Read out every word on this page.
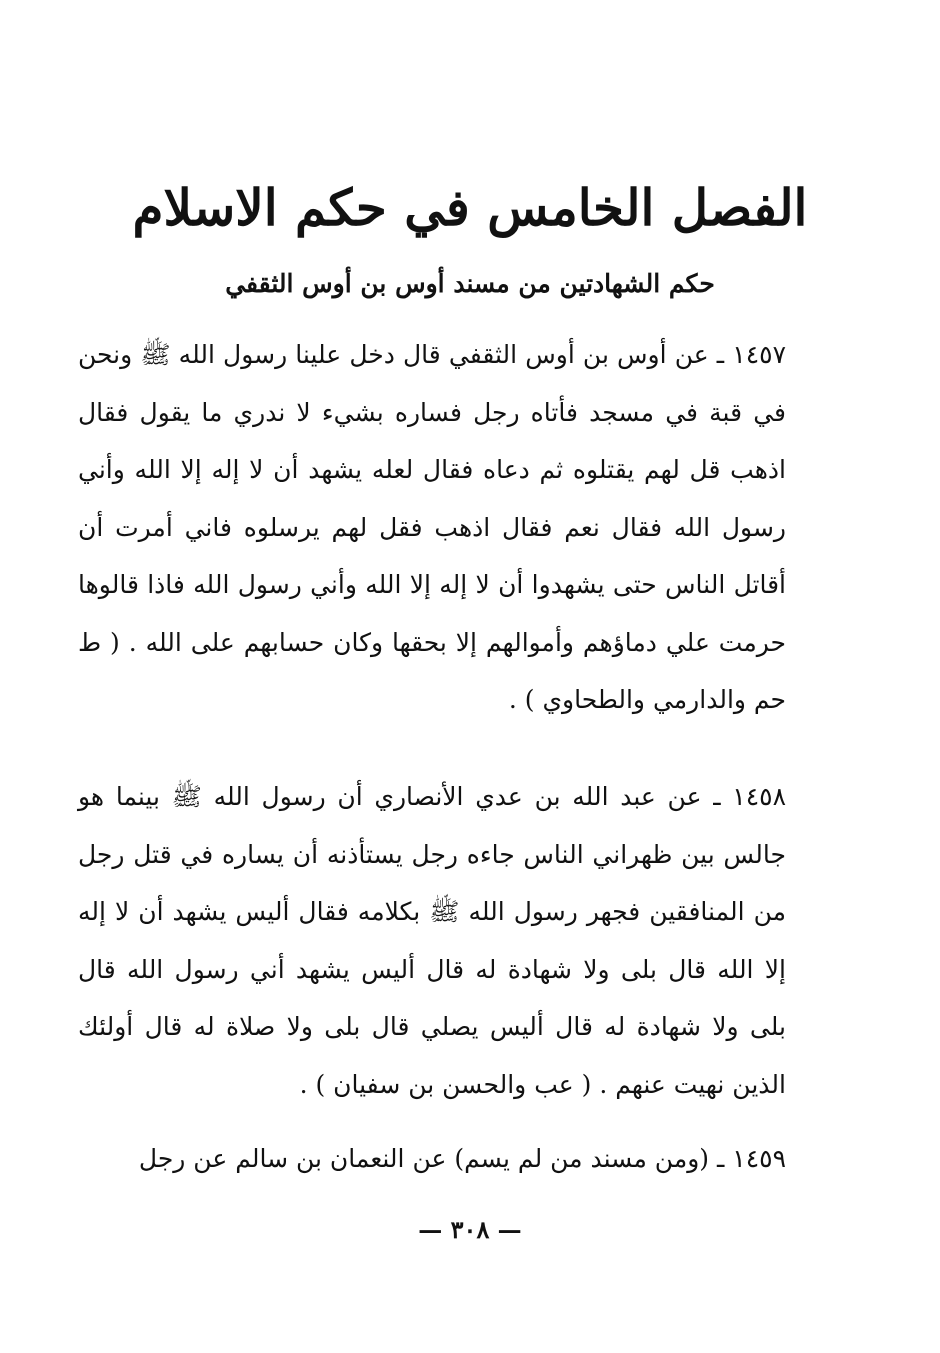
الفصل الخامس في حكم الاسلام
حكم الشهادتين من مسند أوس بن أوس الثقفي

١٤٥٧ ـ عن أوس بن أوس الثقفي قال دخل علينا رسول الله ﷺ ونحن في قبة في مسجد فأتاه رجل فساره بشيء لا ندري ما يقول فقال اذهب قل لهم يقتلوه ثم دعاه فقال لعله يشهد أن لا إله إلا الله وأني رسول الله فقال نعم فقال اذهب فقل لهم يرسلوه فاني أمرت أن أقاتل الناس حتى يشهدوا أن لا إله إلا الله وأني رسول الله فاذا قالوها حرمت علي دماؤهم وأموالهم إلا بحقها وكان حسابهم على الله . ( ط حم والدارمي والطحاوي ) .

١٤٥٨ ـ عن عبد الله بن عدي الأنصاري أن رسول الله ﷺ بينما هو جالس بين ظهراني الناس جاءه رجل يستأذنه أن يساره في قتل رجل من المنافقين فجهر رسول الله ﷺ بكلامه فقال أليس يشهد أن لا إله إلا الله قال بلى ولا شهادة له قال أليس يشهد أني رسول الله قال بلى ولا شهادة له قال أليس يصلي قال بلى ولا صلاة له قال أولئك الذين نهيت عنهم . ( عب والحسن بن سفيان ) .

١٤٥٩ ـ (ومن مسند من لم يسم) عن النعمان بن سالم عن رجل

— ٣٠٨ —
